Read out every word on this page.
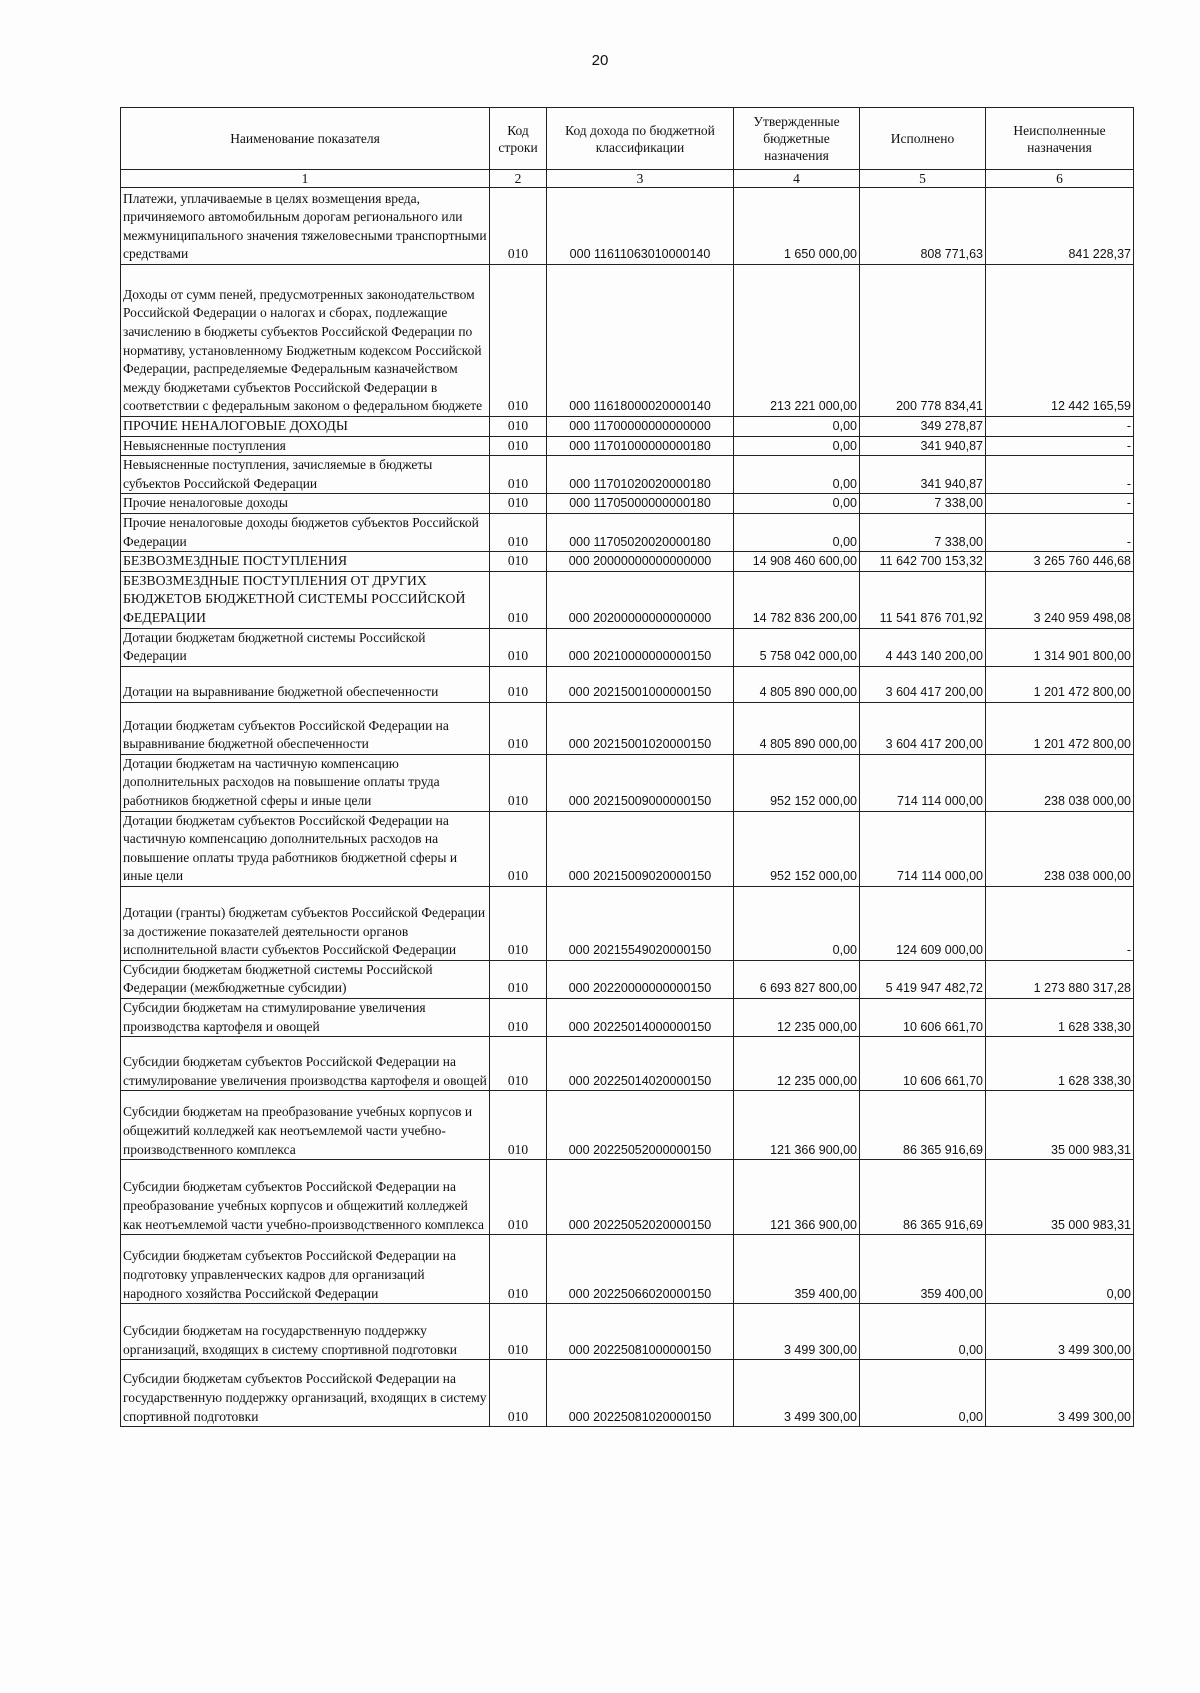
20
Наименование показателя	Код строки	Код дохода по бюджетной классификации	Утвержденные бюджетные назначения	Исполнено	Неисполненные назначения
1	2	3	4	5	6
Платежи, уплачиваемые в целях возмещения вреда, причиняемого автомобильным дорогам регионального или межмуниципального значения тяжеловесными транспортными средствами	010	000 11611063010000140	1 650 000,00	808 771,63	841 228,37
Доходы от сумм пеней, предусмотренных законодательством Российской Федерации о налогах и сборах, подлежащие зачислению в бюджеты субъектов Российской Федерации по нормативу, установленному Бюджетным кодексом Российской Федерации, распределяемые Федеральным казначейством между бюджетами субъектов Российской Федерации в соответствии с федеральным законом о федеральном бюджете	010	000 11618000020000140	213 221 000,00	200 778 834,41	12 442 165,59
ПРОЧИЕ НЕНАЛОГОВЫЕ ДОХОДЫ	010	000 11700000000000000	0,00	349 278,87	-
Невыясненные поступления	010	000 11701000000000180	0,00	341 940,87	-
Невыясненные поступления, зачисляемые в бюджеты субъектов Российской Федерации	010	000 11701020020000180	0,00	341 940,87	-
Прочие неналоговые доходы	010	000 11705000000000180	0,00	7 338,00	-
Прочие неналоговые доходы бюджетов субъектов Российской Федерации	010	000 11705020020000180	0,00	7 338,00	-
БЕЗВОЗМЕЗДНЫЕ ПОСТУПЛЕНИЯ	010	000 20000000000000000	14 908 460 600,00	11 642 700 153,32	3 265 760 446,68
БЕЗВОЗМЕЗДНЫЕ ПОСТУПЛЕНИЯ ОТ ДРУГИХ БЮДЖЕТОВ БЮДЖЕТНОЙ СИСТЕМЫ РОССИЙСКОЙ ФЕДЕРАЦИИ	010	000 20200000000000000	14 782 836 200,00	11 541 876 701,92	3 240 959 498,08
Дотации бюджетам бюджетной системы Российской Федерации	010	000 20210000000000150	5 758 042 000,00	4 443 140 200,00	1 314 901 800,00
Дотации на выравнивание бюджетной обеспеченности	010	000 20215001000000150	4 805 890 000,00	3 604 417 200,00	1 201 472 800,00
Дотации бюджетам субъектов Российской Федерации на выравнивание бюджетной обеспеченности	010	000 20215001020000150	4 805 890 000,00	3 604 417 200,00	1 201 472 800,00
Дотации бюджетам на частичную компенсацию дополнительных расходов на повышение оплаты труда работников бюджетной сферы и иные цели	010	000 20215009000000150	952 152 000,00	714 114 000,00	238 038 000,00
Дотации бюджетам субъектов Российской Федерации на частичную компенсацию дополнительных расходов на повышение оплаты труда работников бюджетной сферы и иные цели	010	000 20215009020000150	952 152 000,00	714 114 000,00	238 038 000,00
Дотации (гранты) бюджетам субъектов Российской Федерации за достижение показателей деятельности органов исполнительной власти субъектов Российской Федерации	010	000 20215549020000150	0,00	124 609 000,00	-
Субсидии бюджетам бюджетной системы Российской Федерации (межбюджетные субсидии)	010	000 20220000000000150	6 693 827 800,00	5 419 947 482,72	1 273 880 317,28
Субсидии бюджетам на стимулирование увеличения производства картофеля и овощей	010	000 20225014000000150	12 235 000,00	10 606 661,70	1 628 338,30
Субсидии бюджетам субъектов Российской Федерации на стимулирование увеличения производства картофеля и овощей	010	000 20225014020000150	12 235 000,00	10 606 661,70	1 628 338,30
Субсидии бюджетам на преобразование учебных корпусов и общежитий колледжей как неотъемлемой части учебно-производственного комплекса	010	000 20225052000000150	121 366 900,00	86 365 916,69	35 000 983,31
Субсидии бюджетам субъектов Российской Федерации на преобразование учебных корпусов и общежитий колледжей как неотъемлемой части учебно-производственного комплекса	010	000 20225052020000150	121 366 900,00	86 365 916,69	35 000 983,31
Субсидии бюджетам субъектов Российской Федерации на подготовку управленческих кадров для организаций народного хозяйства Российской Федерации	010	000 20225066020000150	359 400,00	359 400,00	0,00
Субсидии бюджетам на государственную поддержку организаций, входящих в систему спортивной подготовки	010	000 20225081000000150	3 499 300,00	0,00	3 499 300,00
Субсидии бюджетам субъектов Российской Федерации на государственную поддержку организаций, входящих в систему спортивной подготовки	010	000 20225081020000150	3 499 300,00	0,00	3 499 300,00
